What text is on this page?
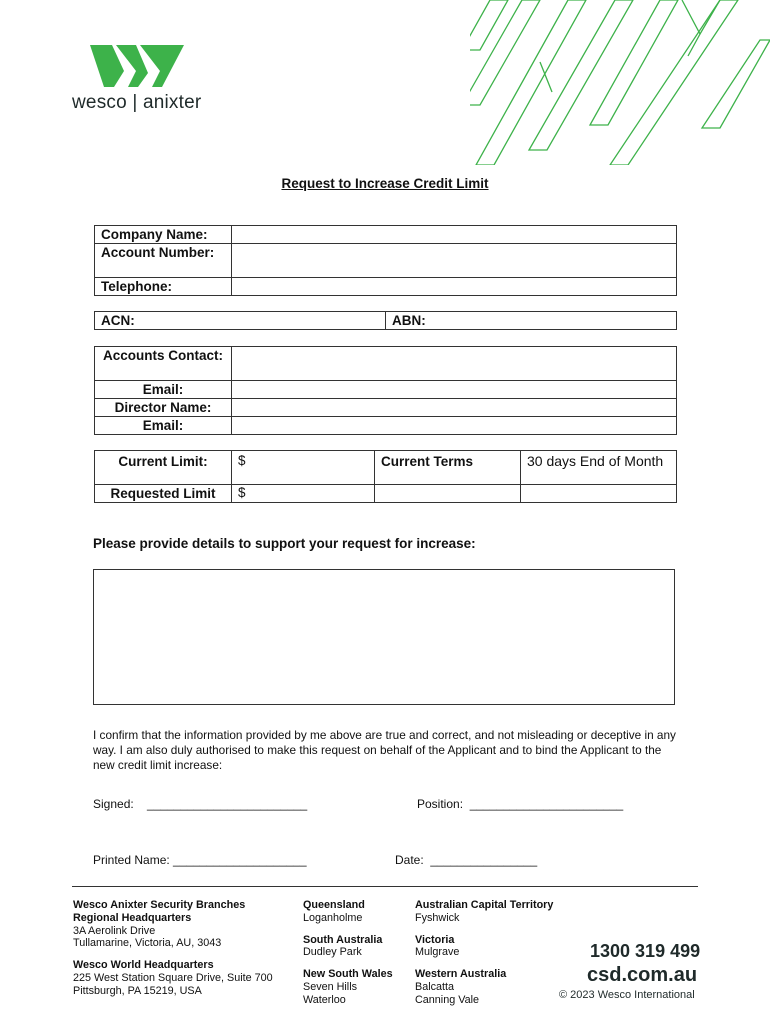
wesco | anixter
Request to Increase Credit Limit
Company Name:	
Account Number:	
Telephone:	
ACN:	ABN:
Accounts Contact:	
Email:	
Director Name:	
Email:	
Current Limit:	$	Current Terms	30 days End of Month
Requested Limit	$		
Please provide details to support your request for increase:
I confirm that the information provided by me above are true and correct, and not misleading or deceptive in any way. I am also duly authorised to make this request on behalf of the Applicant and to bind the Applicant to the new credit limit increase:
Signed: ________________________	Position: _______________________
Printed Name: ____________________	Date: ________________
Wesco Anixter Security Branches
Regional Headquarters
3A Aerolink Drive
Tullamarine, Victoria, AU, 3043
Wesco World Headquarters
225 West Station Square Drive, Suite 700
Pittsburgh, PA 15219, USA
Queensland
Loganholme
South Australia
Dudley Park
New South Wales
Seven Hills
Waterloo
Australian Capital Territory
Fyshwick
Victoria
Mulgrave
Western Australia
Balcatta
Canning Vale
1300 319 499
csd.com.au
© 2023 Wesco International
